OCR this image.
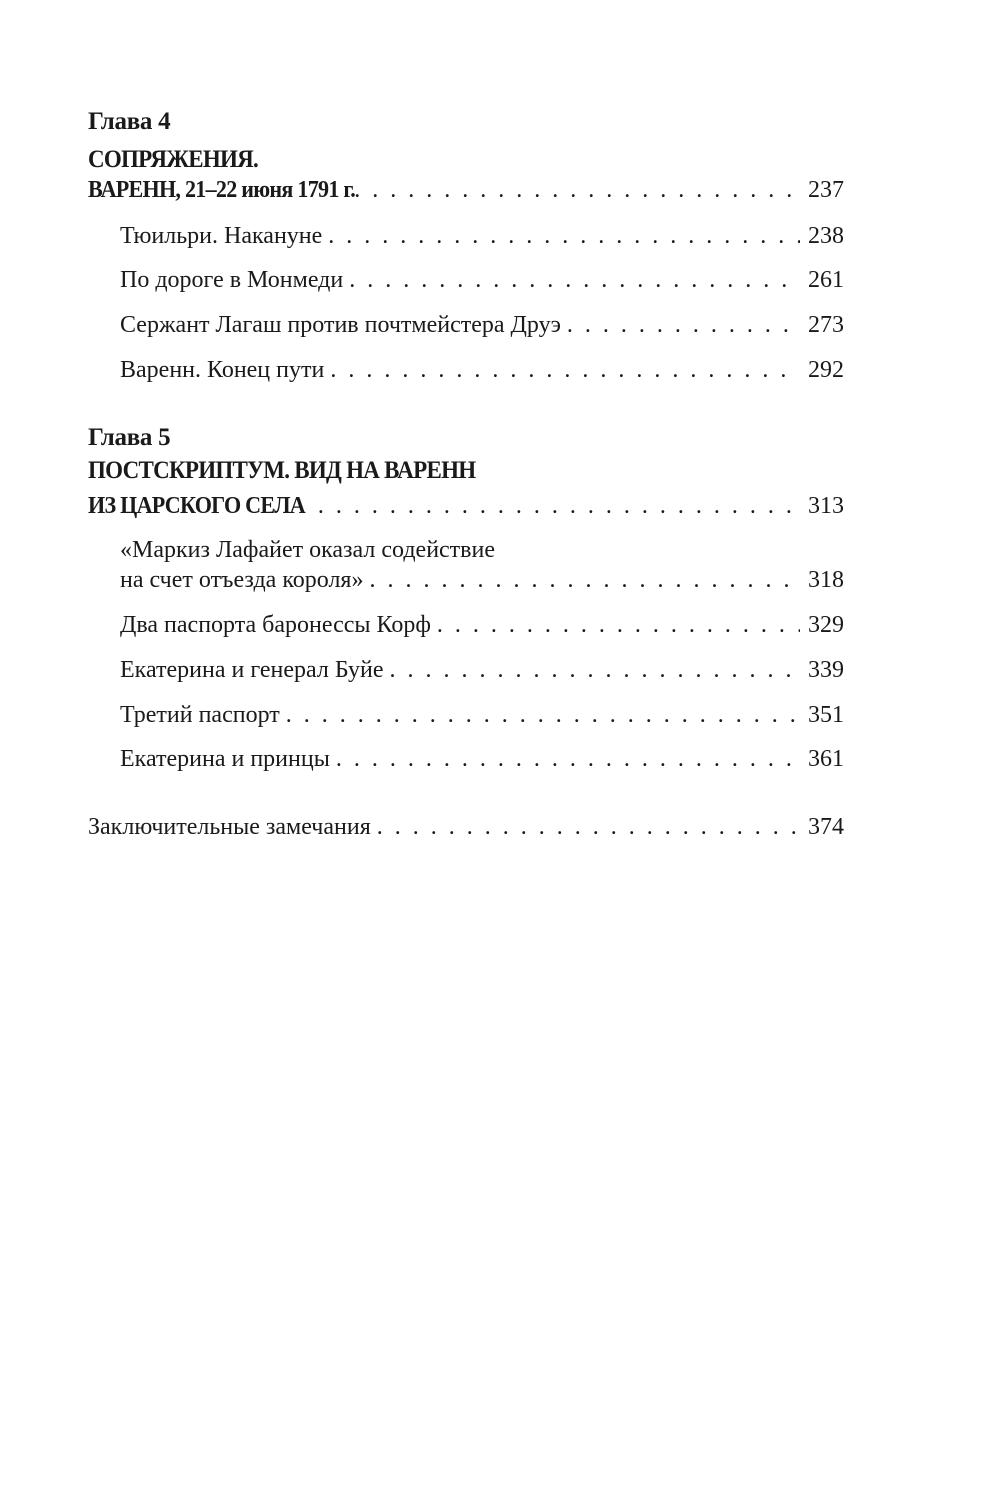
Глава 4
СОПРЯЖЕНИЯ.
ВАРЕНН, 21–22 июня 1791 г. . . .	237
Тюильри. Накануне . . .	238
По дороге в Монмеди . . .	261
Сержант Лагаш против почтмейстера Друэ . . .	273
Варенн. Конец пути . . .	292
Глава 5
ПОСТСКРИПТУМ. ВИД НА ВАРЕНН
ИЗ ЦАРСКОГО СЕЛА . . .	313
«Маркиз Лафайет оказал содействие
на счет отъезда короля» . . .	318
Два паспорта баронессы Корф . . .	329
Екатерина и генерал Буйе . . .	339
Третий паспорт . . .	351
Екатерина и принцы . . .	361
Заключительные замечания . . .	374
